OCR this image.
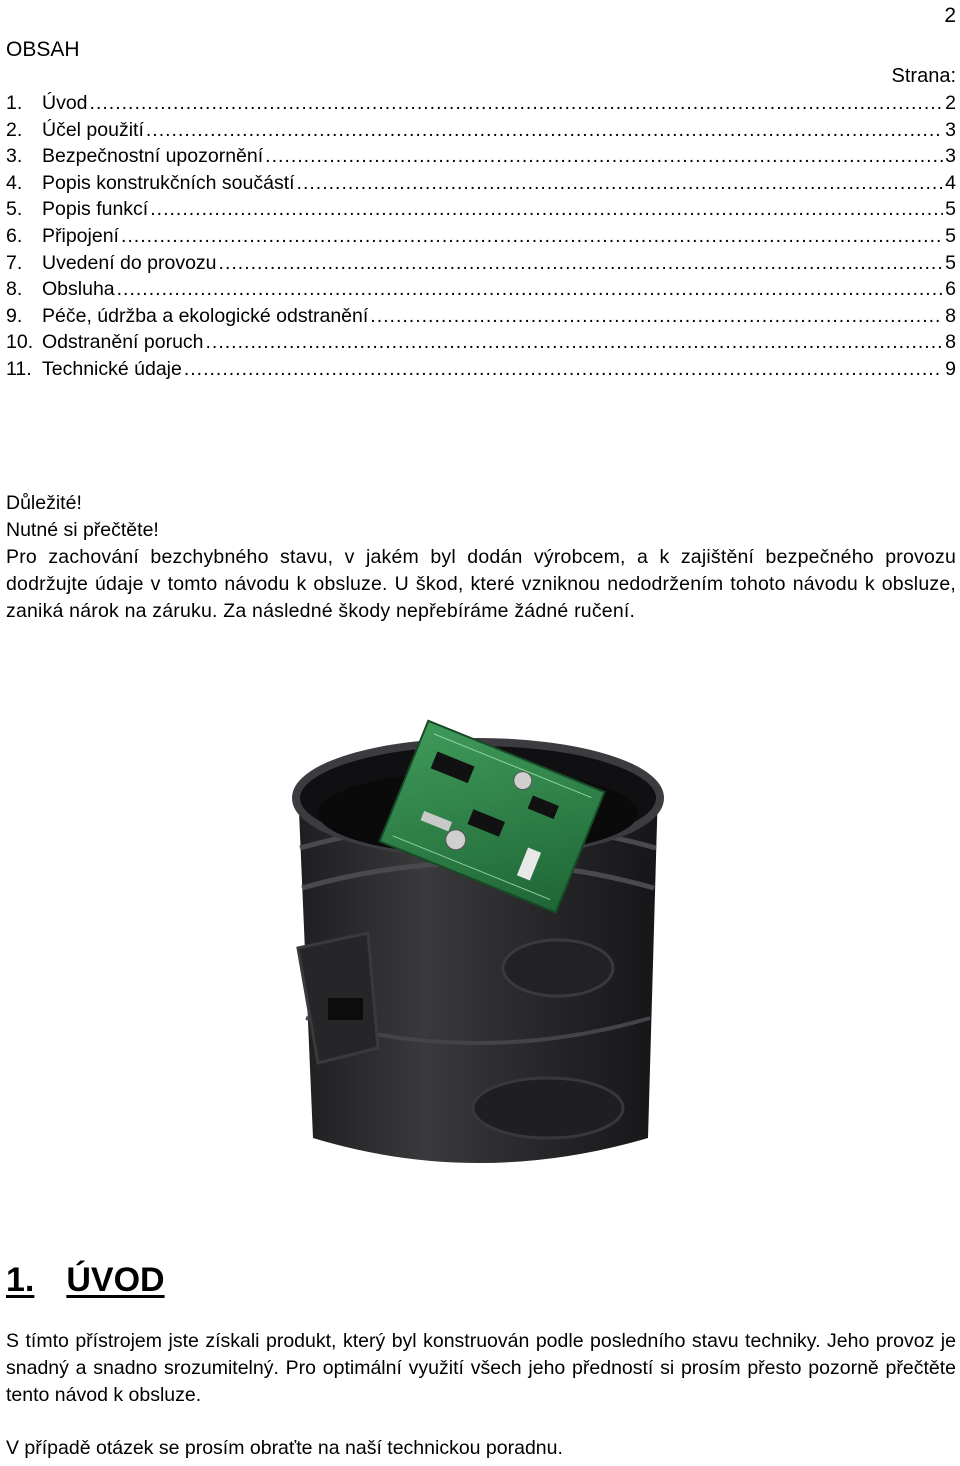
2
OBSAH
Strana:
1.	Úvod .....	2
2.	Účel použití .....	3
3.	Bezpečnostní upozornění .....	3
4.	Popis konstrukčních součástí .....	4
5.	Popis funkcí .....	5
6.	Připojení .....	5
7.	Uvedení do provozu .....	5
8.	Obsluha .....	6
9.	Péče, údržba a ekologické odstranění .....	8
10. Odstranění poruch .....	8
11. Technické údaje .....	9

Důležité!

Nutné si přečtěte!

Pro zachování bezchybného stavu, v jakém byl dodán výrobcem, a k zajištění bezpečného provozu dodržujte údaje v tomto návodu k obsluze. U škod, které vzniknou nedodržením tohoto návodu k obsluze, zaniká nárok na záruku. Za následné škody nepřebíráme žádné ručení.

1. ÚVOD

S tímto přístrojem jste získali produkt, který byl konstruován podle posledního stavu techniky. Jeho provoz je snadný a snadno srozumitelný. Pro optimální využití všech jeho předností si prosím přesto pozorně přečtěte tento návod k obsluze.

V případě otázek se prosím obraťte na naší technickou poradnu.
